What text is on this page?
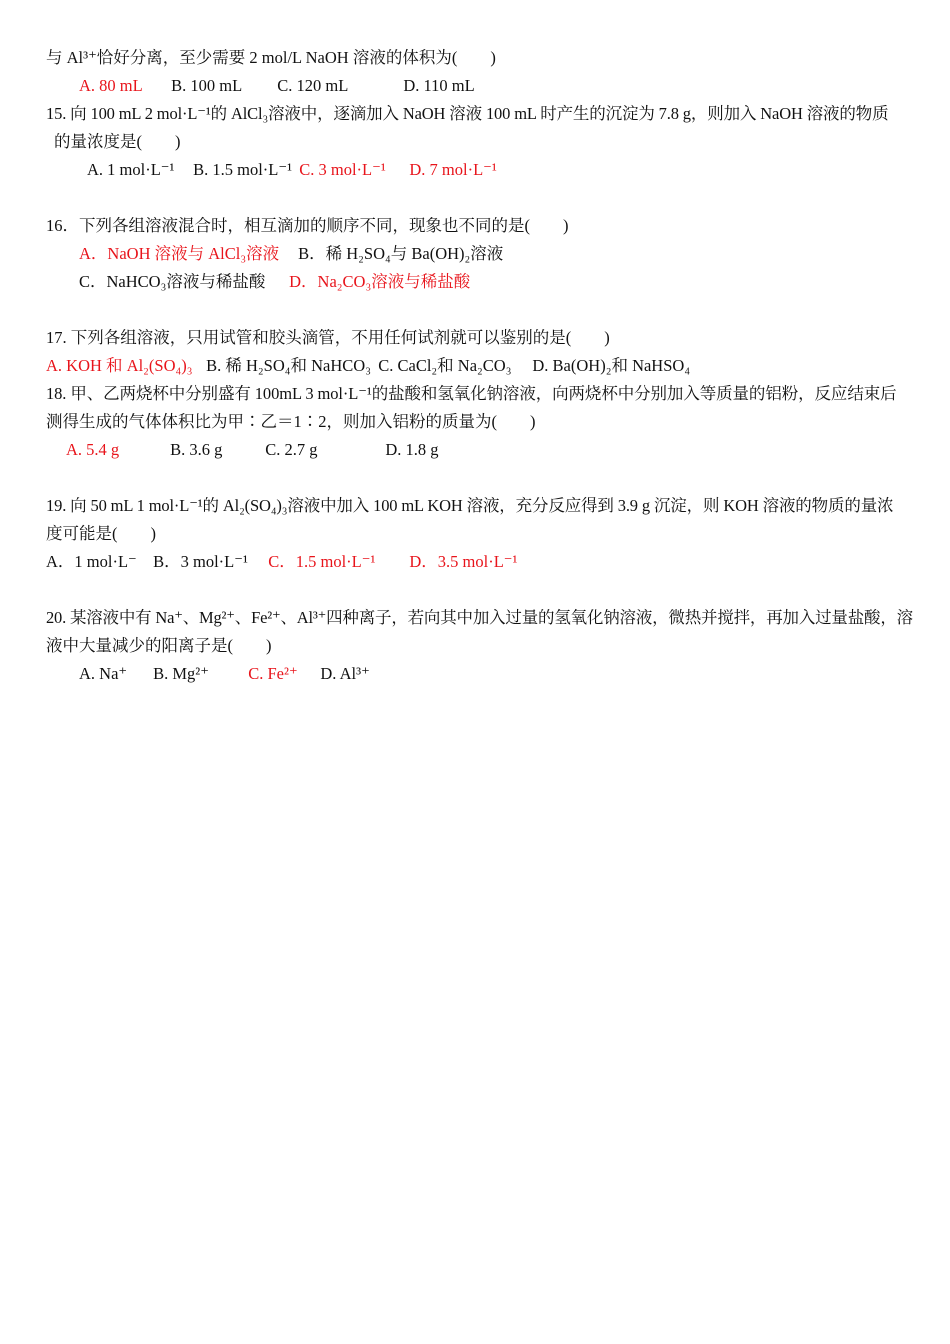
与 Al³⁺恰好分离，至少需要 2 mol/L NaOH 溶液的体积为(　　)
A. 80 mL B. 100 mL C. 120 mL	D. 110 mL
15. 向 100 mL 2 mol·L⁻¹的 AlCl₃溶液中，逐滴加入 NaOH 溶液 100 mL 时产生的沉淀为 7.8 g，则加入 NaOH 溶液的物质
的量浓度是(　　)
A. 1 mol·L⁻¹ B. 1.5 mol·L⁻¹ C. 3 mol·L⁻¹ D. 7 mol·L⁻¹
16．下列各组溶液混合时，相互滴加的顺序不同，现象也不同的是(　　)
A．NaOH 溶液与 AlCl₃溶液 B．稀 H₂SO₄与 Ba(OH)₂溶液
C．NaHCO₃溶液与稀盐酸 D．Na₂CO₃溶液与稀盐酸
17. 下列各组溶液，只用试管和胶头滴管，不用任何试剂就可以鉴别的是(　　)
A. KOH 和 Al₂(SO₄)₃ B. 稀 H₂SO₄和 NaHCO₃ C. CaCl₂和 Na₂CO₃ D. Ba(OH)₂和 NaHSO₄
18. 甲、乙两烧杯中分别盛有 100mL 3 mol·L⁻¹的盐酸和氢氧化钠溶液，向两烧杯中分别加入等质量的铝粉，反应结束后
测得生成的气体体积比为甲∶乙＝1∶2，则加入铝粉的质量为(　　)
A. 5.4 g	B. 3.6 g	C. 2.7 g	D. 1.8 g
19. 向 50 mL 1 mol·L⁻¹的 Al₂(SO₄)₃溶液中加入 100 mL KOH 溶液，充分反应得到 3.9 g 沉淀，则 KOH 溶液的物质的量浓
度可能是(　　)
A．1 mol·L⁻ B．3 mol·L⁻¹ C．1.5 mol·L⁻¹ D．3.5 mol·L⁻¹
20. 某溶液中有 Na⁺、Mg²⁺、Fe²⁺、Al³⁺四种离子，若向其中加入过量的氢氧化钠溶液，微热并搅拌，再加入过量盐酸，溶
液中大量减少的阳离子是(　　)
A. Na⁺ B. Mg²⁺ C. Fe²⁺ D. Al³⁺
